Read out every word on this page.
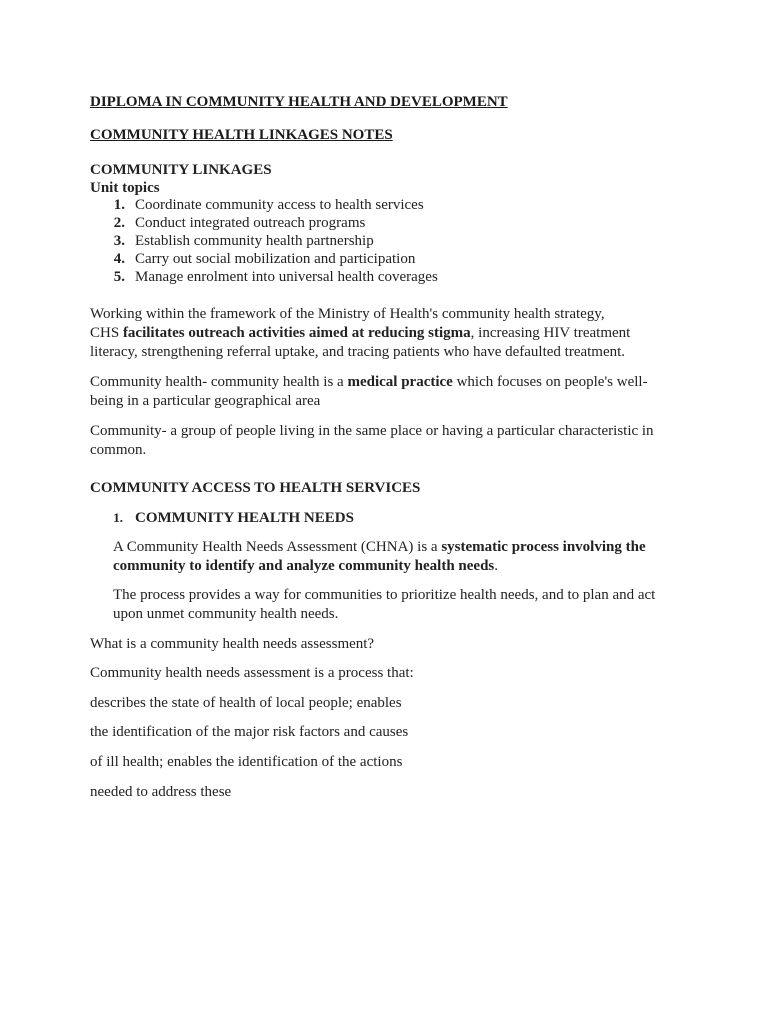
DIPLOMA IN COMMUNITY HEALTH AND DEVELOPMENT

COMMUNITY HEALTH LINKAGES NOTES

COMMUNITY LINKAGES

Unit topics

1. Coordinate community access to health services
2. Conduct integrated outreach programs
3. Establish community health partnership
4. Carry out social mobilization and participation
5. Manage enrolment into universal health coverages

Working within the framework of the Ministry of Health's community health strategy,
CHS facilitates outreach activities aimed at reducing stigma, increasing HIV treatment literacy, strengthening referral uptake, and tracing patients who have defaulted treatment.

Community health- community health is a medical practice which focuses on people's well-being in a particular geographical area

Community- a group of people living in the same place or having a particular characteristic in common.

COMMUNITY ACCESS TO HEALTH SERVICES

1. COMMUNITY HEALTH NEEDS

A Community Health Needs Assessment (CHNA) is a systematic process involving the community to identify and analyze community health needs.

The process provides a way for communities to prioritize health needs, and to plan and act upon unmet community health needs.

What is a community health needs assessment?

Community health needs assessment is a process that:

describes the state of health of local people; enables

the identification of the major risk factors and causes

of ill health; enables the identification of the actions

needed to address these
